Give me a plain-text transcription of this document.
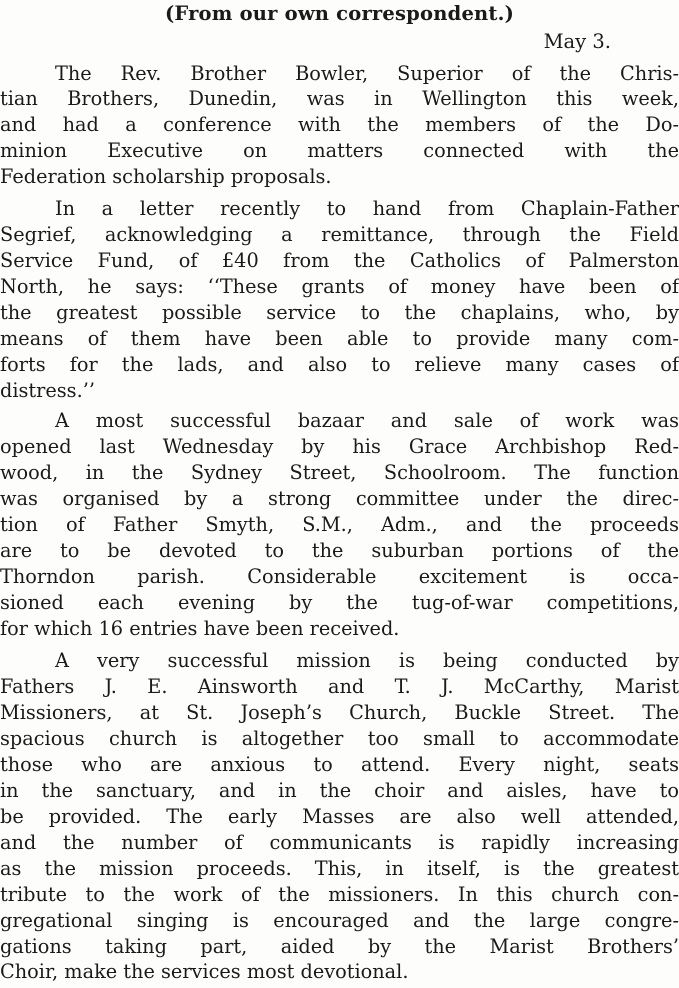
(From our own correspondent.)
May 3.
The Rev. Brother Bowler, Superior of the Chris-
tian Brothers, Dunedin, was in Wellington this week,
and had a conference with the members of the Do-
minion Executive on matters connected with the
Federation scholarship proposals.
In a letter recently to hand from Chaplain-Father
Segrief, acknowledging a remittance, through the Field
Service Fund, of £40 from the Catholics of Palmerston
North, he says: ‘‘These grants of money have been of
the greatest possible service to the chaplains, who, by
means of them have been able to provide many com-
forts for the lads, and also to relieve many cases of
distress.’’
A most successful bazaar and sale of work was
opened last Wednesday by his Grace Archbishop Red-
wood, in the Sydney Street, Schoolroom. The function
was organised by a strong committee under the direc-
tion of Father Smyth, S.M., Adm., and the proceeds
are to be devoted to the suburban portions of the
Thorndon parish. Considerable excitement is occa-
sioned each evening by the tug-of-war competitions,
for which 16 entries have been received.
A very successful mission is being conducted by
Fathers J. E. Ainsworth and T. J. McCarthy, Marist
Missioners, at St. Joseph’s Church, Buckle Street. The
spacious church is altogether too small to accommodate
those who are anxious to attend. Every night, seats
in the sanctuary, and in the choir and aisles, have to
be provided. The early Masses are also well attended,
and the number of communicants is rapidly increasing
as the mission proceeds. This, in itself, is the greatest
tribute to the work of the missioners. In this church con-
gregational singing is encouraged and the large congre-
gations taking part, aided by the Marist Brothers’
Choir, make the services most devotional.
